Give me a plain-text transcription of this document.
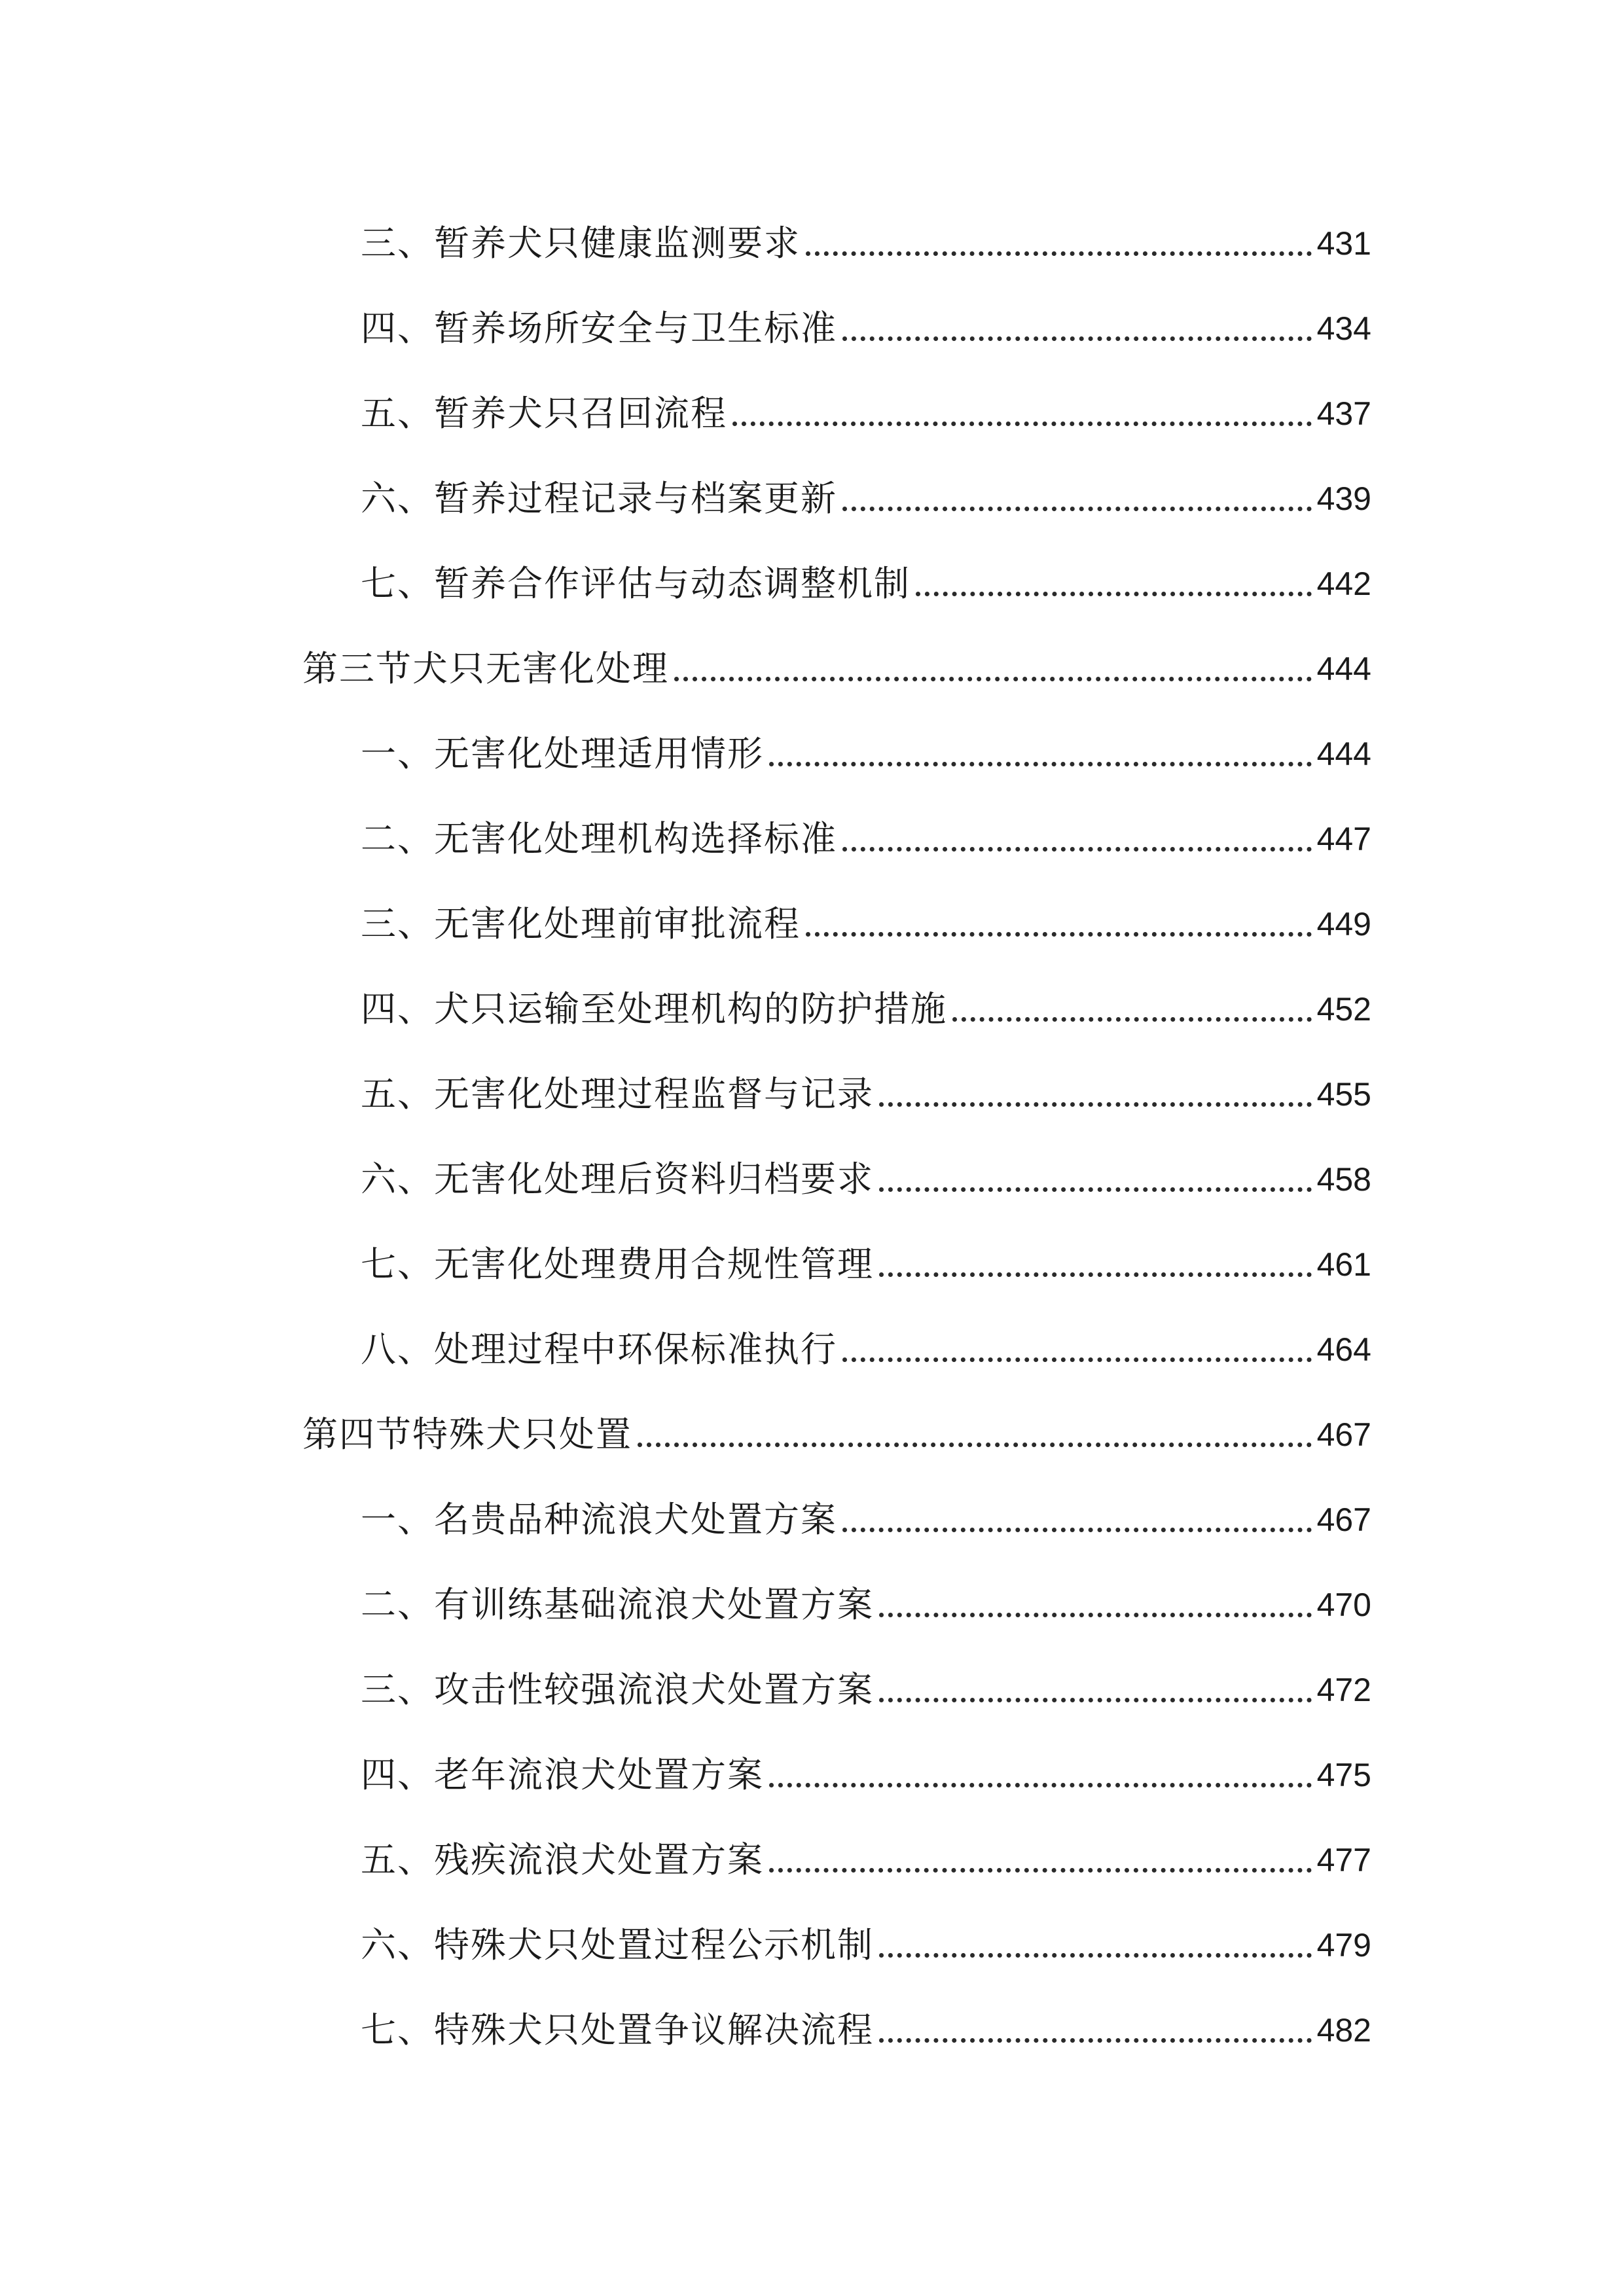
三、暂养犬只健康监测要求	431
四、暂养场所安全与卫生标准	434
五、暂养犬只召回流程	437
六、暂养过程记录与档案更新	439
七、暂养合作评估与动态调整机制	442
第三节犬只无害化处理	444
一、无害化处理适用情形	444
二、无害化处理机构选择标准	447
三、无害化处理前审批流程	449
四、犬只运输至处理机构的防护措施	452
五、无害化处理过程监督与记录	455
六、无害化处理后资料归档要求	458
七、无害化处理费用合规性管理	461
八、处理过程中环保标准执行	464
第四节特殊犬只处置	467
一、名贵品种流浪犬处置方案	467
二、有训练基础流浪犬处置方案	470
三、攻击性较强流浪犬处置方案	472
四、老年流浪犬处置方案	475
五、残疾流浪犬处置方案	477
六、特殊犬只处置过程公示机制	479
七、特殊犬只处置争议解决流程	482
